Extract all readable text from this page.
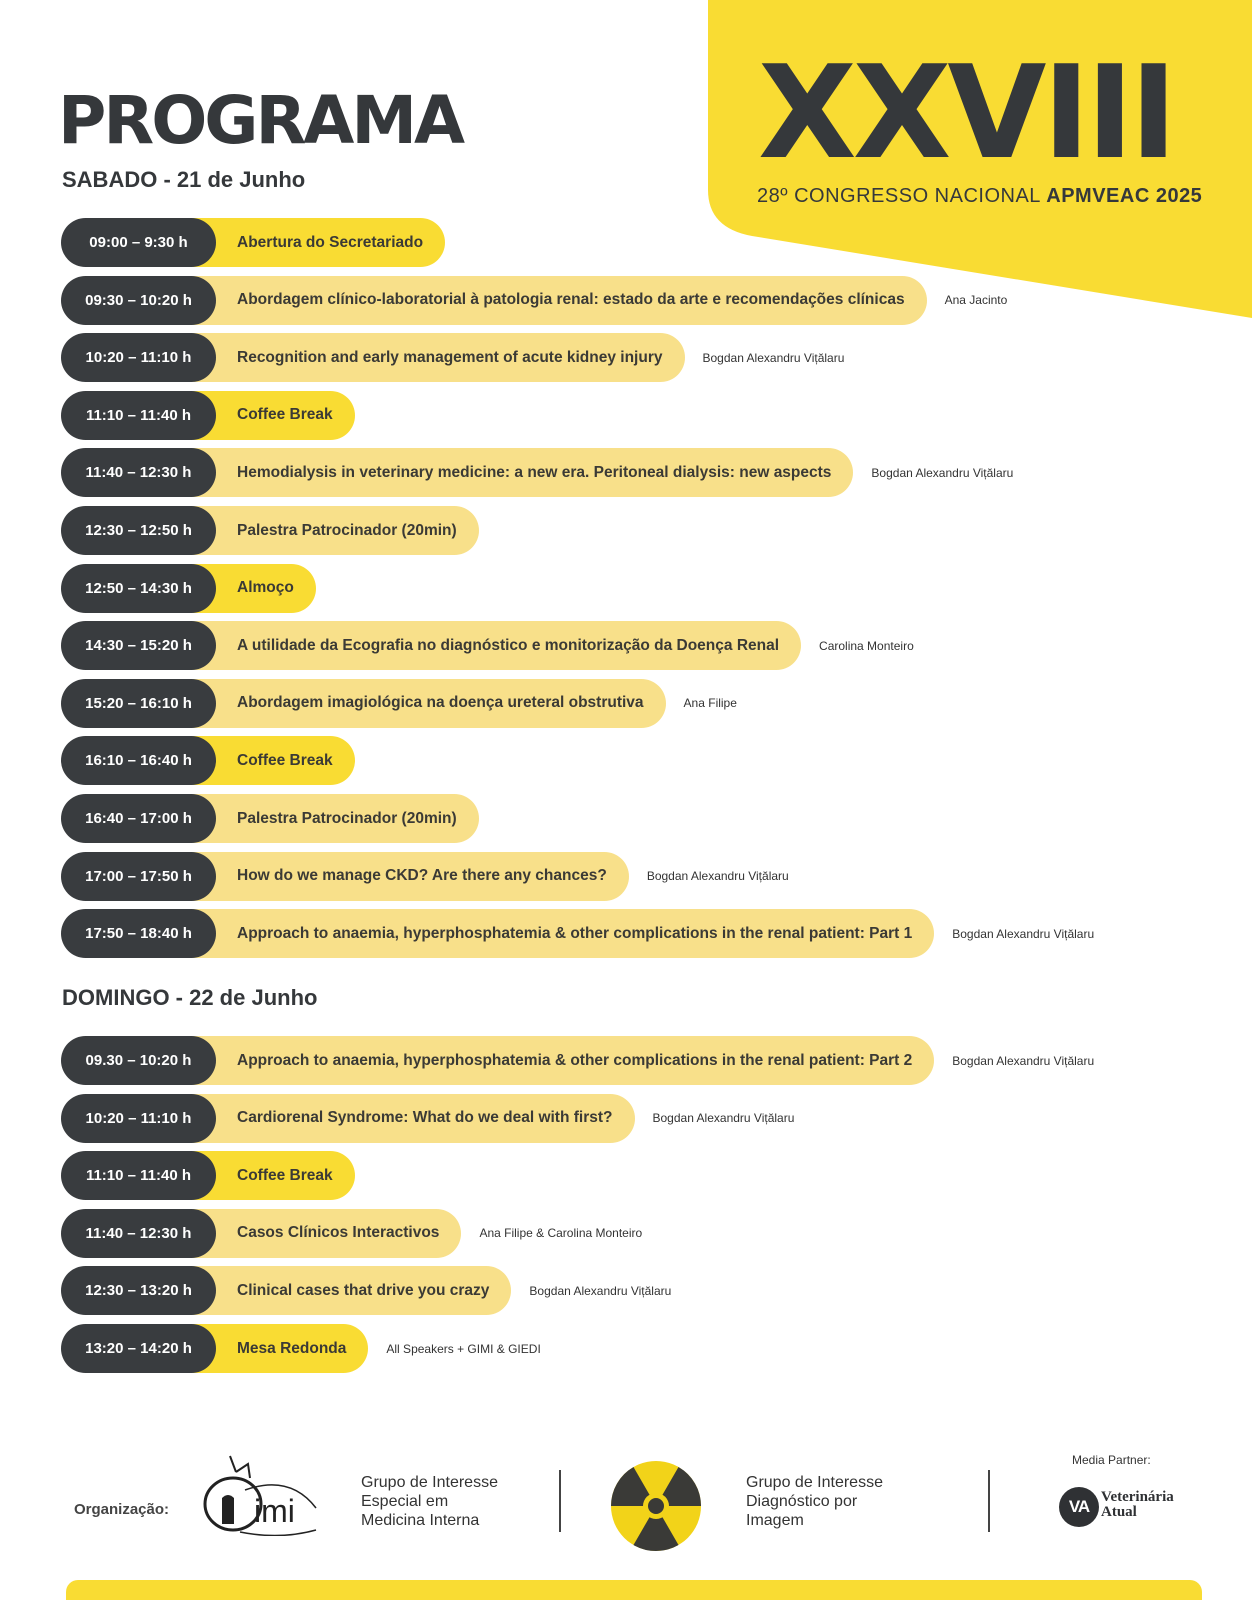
XXVIII
28º CONGRESSO NACIONAL APMVEAC 2025
PROGRAMA
SABADO - 21 de Junho
09:00 – 9:30 h	Abertura do Secretariado
09:30 – 10:20 h	Abordagem clínico-laboratorial à patologia renal: estado da arte e recomendações clínicas	Ana Jacinto
10:20 – 11:10 h	Recognition and early management of acute kidney injury	Bogdan Alexandru Vițălaru
11:10 – 11:40 h	Coffee Break
11:40 – 12:30 h	Hemodialysis in veterinary medicine: a new era. Peritoneal dialysis: new aspects	Bogdan Alexandru Vițălaru
12:30 – 12:50 h	Palestra Patrocinador (20min)
12:50 – 14:30 h	Almoço
14:30 – 15:20 h	A utilidade da Ecografia no diagnóstico e monitorização da Doença Renal	Carolina Monteiro
15:20 – 16:10 h	Abordagem imagiológica na doença ureteral obstrutiva	Ana Filipe
16:10 – 16:40 h	Coffee Break
16:40 – 17:00 h	Palestra Patrocinador (20min)
17:00 – 17:50 h	How do we manage CKD? Are there any chances?	Bogdan Alexandru Vițălaru
17:50 – 18:40 h	Approach to anaemia, hyperphosphatemia & other complications in the renal patient: Part 1	Bogdan Alexandru Vițălaru
DOMINGO - 22 de Junho
09.30 – 10:20 h	Approach to anaemia, hyperphosphatemia & other complications in the renal patient: Part 2	Bogdan Alexandru Vițălaru
10:20 – 11:10 h	Cardiorenal Syndrome: What do we deal with first?	Bogdan Alexandru Vițălaru
11:10 – 11:40 h	Coffee Break
11:40 – 12:30 h	Casos Clínicos Interactivos	Ana Filipe & Carolina Monteiro
12:30 – 13:20 h	Clinical cases that drive you crazy	Bogdan Alexandru Vițălaru
13:20 – 14:20 h	Mesa Redonda	All Speakers + GIMI & GIEDI
Organização:	imi
Grupo de Interesse
Especial em
Medicina Interna
Grupo de Interesse
Diagnóstico por
Imagem
Media Partner:
VA Veterinária
Atual
